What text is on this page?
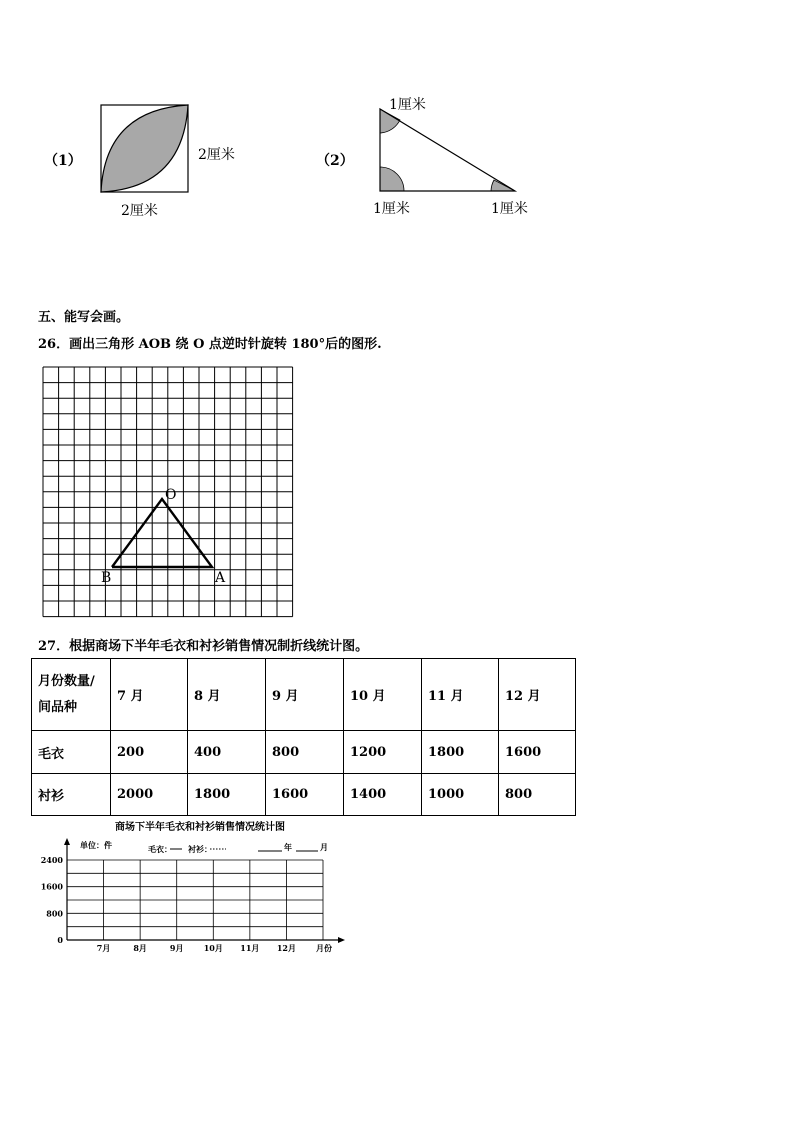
（1）	2厘米
2厘米
（2）
1厘米
1厘米	1厘米
五、能写会画。
26．画出三角形 AOB 绕 O 点逆时针旋转 180°后的图形.
O
B	A
27．根据商场下半年毛衣和衬衫销售情况制折线统计图。
月份数量/
间品种	7 月	8 月	9 月	10 月	11 月	12 月
毛衣	200	400	800	1200	1800	1600
衬衫	2000	1800	1600	1400	1000	800
商场下半年毛衣和衬衫销售情况统计图
单位：件	毛衣： 衬衫：	年	月
2400
1600
800
0
7月	8月	9月	10月 11月 12月	月份
